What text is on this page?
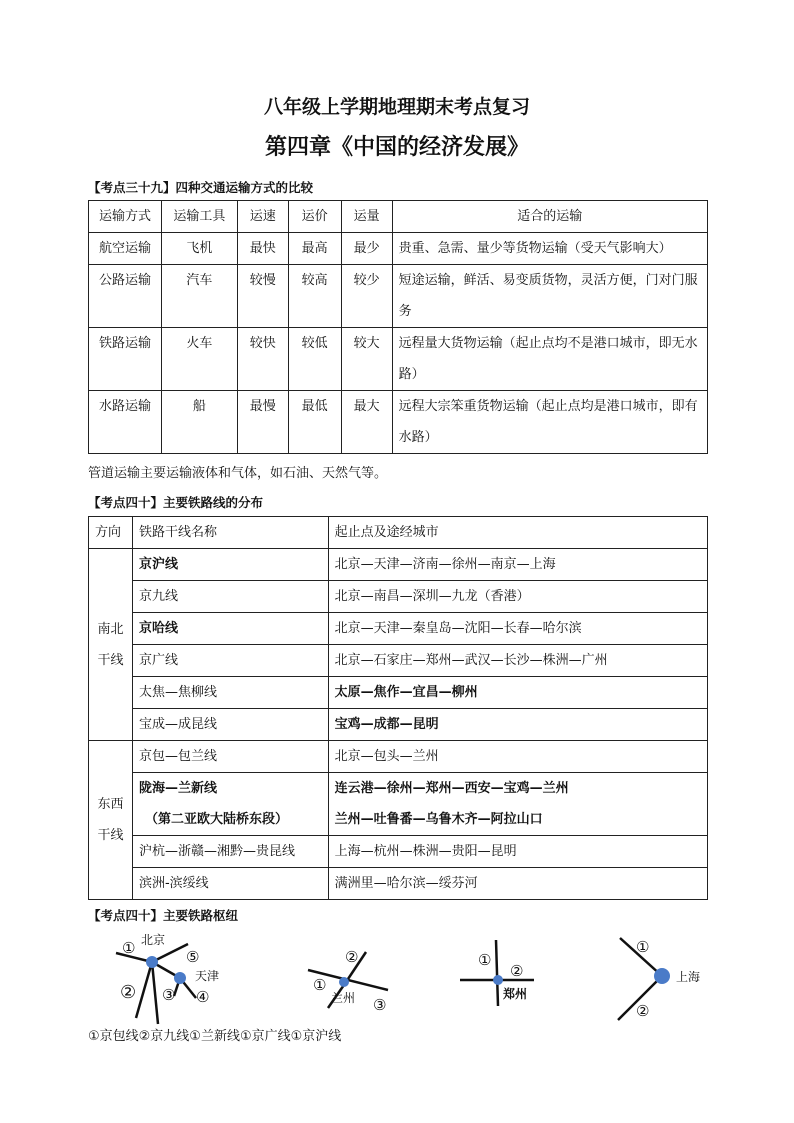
八年级上学期地理期末考点复习
第四章《中国的经济发展》
【考点三十九】四种交通运输方式的比较
运输方式	运输工具	运速	运价	运量	适合的运输
航空运输	飞机	最快	最高	最少	贵重、急需、量少等货物运输（受天气影响大）
公路运输	汽车	较慢	较高	较少	短途运输，鲜活、易变质货物，灵活方便，门对门服务
铁路运输	火车	较快	较低	较大	远程量大货物运输（起止点均不是港口城市，即无水路）
水路运输	船	最慢	最低	最大	远程大宗笨重货物运输（起止点均是港口城市，即有水路）
管道运输主要运输液体和气体，如石油、天然气等。
【考点四十】主要铁路线的分布
方向	铁路干线名称	起止点及途经城市
南北干线	京沪线	北京—天津—济南—徐州—南京—上海
	京九线	北京—南昌—深圳—九龙（香港）
	京哈线	北京—天津—秦皇岛—沈阳—长春—哈尔滨
	京广线	北京—石家庄—郑州—武汉—长沙—株洲—广州
	太焦—焦柳线	太原—焦作—宜昌—柳州
	宝成—成昆线	宝鸡—成都—昆明
东西干线	京包—包兰线	北京—包头—兰州
	陇海—兰新线	连云港—徐州—郑州—西安—宝鸡—兰州
	（第二亚欧大陆桥东段）	兰州—吐鲁番—乌鲁木齐—阿拉山口
	沪杭—浙赣—湘黔—贵昆线	上海—杭州—株洲—贵阳—昆明
	滨洲-滨绥线	满洲里—哈尔滨—绥芬河
【考点四十】主要铁路枢纽
北京
天津
兰州	郑州
上海
①
② ③ ④
⑤
①
②
③
①
②
①
②
①京包线②京九线①兰新线①京广线①京沪线
